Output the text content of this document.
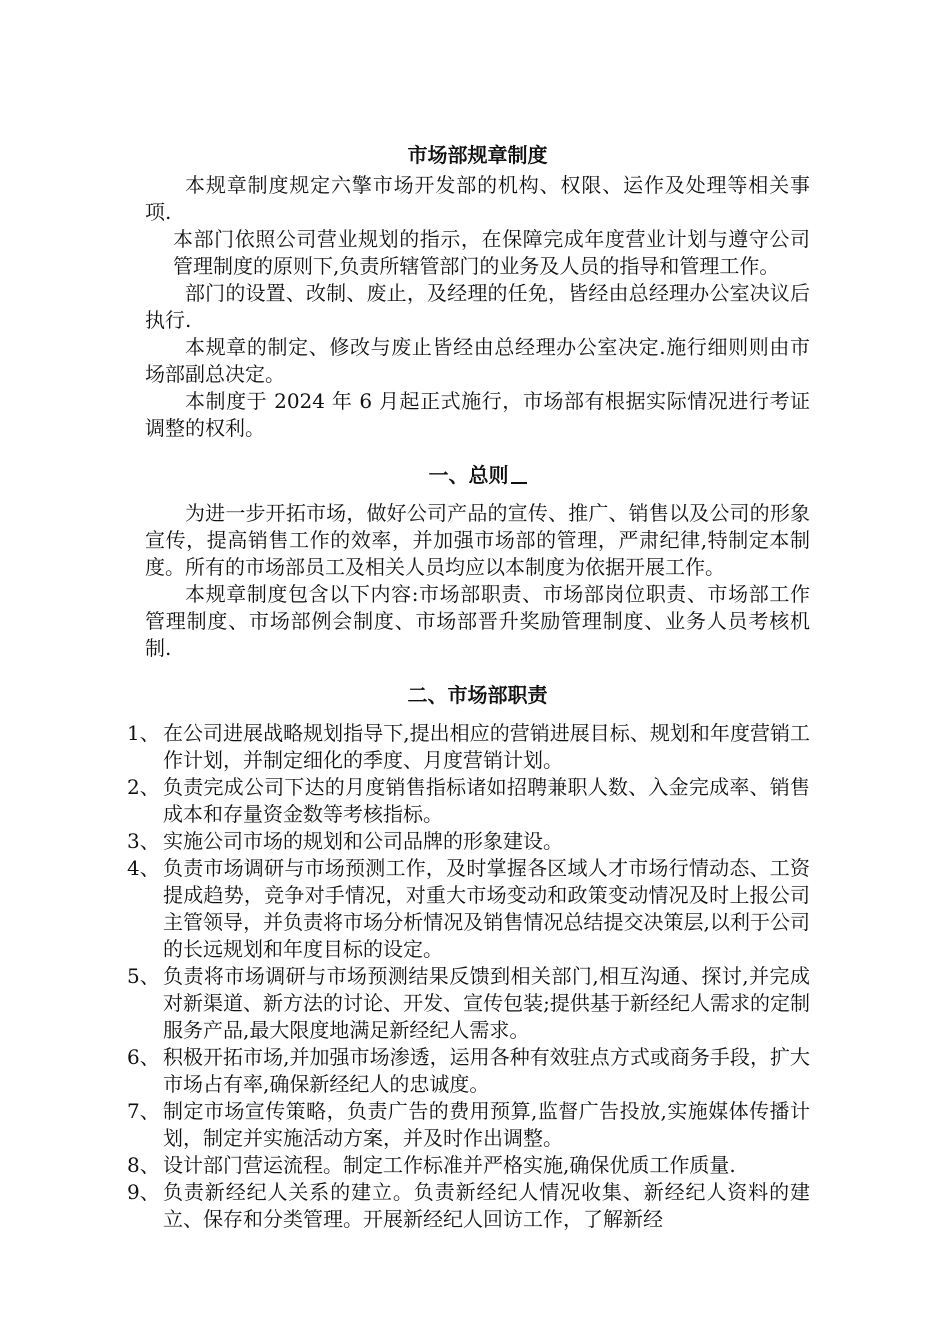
市场部规章制度

本规章制度规定六擎市场开发部的机构、权限、运作及处理等相关事项.

本部门依照公司营业规划的指示，在保障完成年度营业计划与遵守公司管理制度的原则下,负责所辖管部门的业务及人员的指导和管理工作。

部门的设置、改制、废止，及经理的任免，皆经由总经理办公室决议后执行.

本规章的制定、修改与废止皆经由总经理办公室决定.施行细则则由市场部副总决定。

本制度于 2024 年 6 月起正式施行，市场部有根据实际情况进行考证调整的权利。

一、总则

为进一步开拓市场，做好公司产品的宣传、推广、销售以及公司的形象宣传，提高销售工作的效率，并加强市场部的管理，严肃纪律,特制定本制度。所有的市场部员工及相关人员均应以本制度为依据开展工作。

本规章制度包含以下内容:市场部职责、市场部岗位职责、市场部工作管理制度、市场部例会制度、市场部晋升奖励管理制度、业务人员考核机制.

二、市场部职责
1、 在公司进展战略规划指导下,提出相应的营销进展目标、规划和年度营销工作计划，并制定细化的季度、月度营销计划。
2、 负责完成公司下达的月度销售指标诸如招聘兼职人数、入金完成率、销售成本和存量资金数等考核指标。
3、 实施公司市场的规划和公司品牌的形象建设。
4、 负责市场调研与市场预测工作，及时掌握各区域人才市场行情动态、工资提成趋势，竞争对手情况，对重大市场变动和政策变动情况及时上报公司主管领导，并负责将市场分析情况及销售情况总结提交决策层,以利于公司的长远规划和年度目标的设定。
5、 负责将市场调研与市场预测结果反馈到相关部门,相互沟通、探讨,并完成对新渠道、新方法的讨论、开发、宣传包装;提供基于新经纪人需求的定制服务产品,最大限度地满足新经纪人需求。
6、 积极开拓市场,并加强市场渗透，运用各种有效驻点方式或商务手段，扩大市场占有率,确保新经纪人的忠诚度。
7、 制定市场宣传策略，负责广告的费用预算,监督广告投放,实施媒体传播计划，制定并实施活动方案，并及时作出调整。
8、 设计部门营运流程。制定工作标准并严格实施,确保优质工作质量.
9、 负责新经纪人关系的建立。负责新经纪人情况收集、新经纪人资料的建立、保存和分类管理。开展新经纪人回访工作，了解新经
